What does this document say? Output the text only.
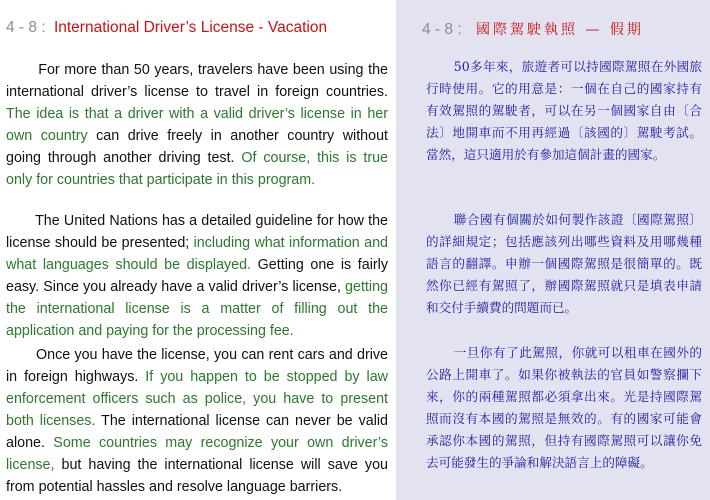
4 - 8 : International Driver’s License - Vacation

For more than 50 years, travelers have been using the international driver’s license to travel in foreign countries. The idea is that a driver with a valid driver’s license in her own country can drive freely in another country without going through another driving test. Of course, this is true only for countries that participate in this program.

The United Nations has a detailed guideline for how the license should be presented; including what information and what languages should be displayed. Getting one is fairly easy. Since you already have a valid driver’s license, getting the international license is a matter of filling out the application and paying for the processing fee.

Once you have the license, you can rent cars and drive in foreign highways. If you happen to be stopped by law enforcement officers such as police, you have to present both licenses. The international license can never be valid alone. Some countries may recognize your own driver’s license, but having the international license will save you from potential hassles and resolve language barriers.

4 - 8 : 國際駕駛執照 — 假期

50多年來，旅遊者可以持國際駕照在外國旅行時使用。它的用意是：一個在自己的國家持有有效駕照的駕駛者，可以在另一個國家自由〔合法〕地開車而不用再經過〔該國的〕駕駛考試。當然，這只適用於有參加這個計畫的國家。

聯合國有個關於如何製作該證〔國際駕照〕的詳細規定；包括應該列出哪些資料及用哪幾種語言的翻譯。申辦一個國際駕照是很簡單的。既然你已經有駕照了，辦國際駕照就只是填表申請和交付手續費的問題而已。

一旦你有了此駕照，你就可以租車在國外的公路上開車了。如果你被執法的官員如警察攔下來，你的兩種駕照都必須拿出來。光是持國際駕照而沒有本國的駕照是無效的。有的國家可能會承認你本國的駕照，但持有國際駕照可以讓你免去可能發生的爭論和解決語言上的障礙。
